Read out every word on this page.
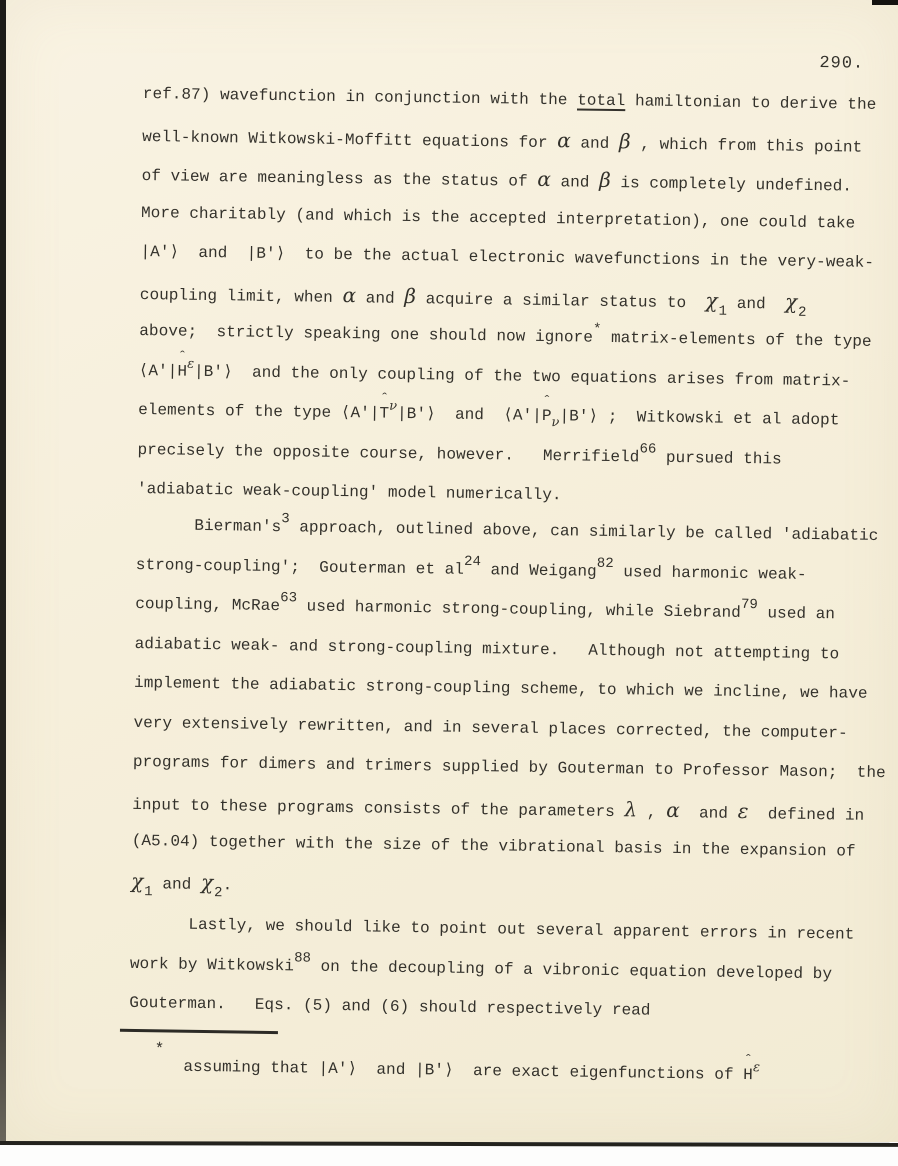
290.
ref.87) wavefunction in conjunction with the total hamiltonian to derive the
well-known Witkowski-Moffitt equations for α and β , which from this point
of view are meaningless as the status of α and β is completely undefined.
More charitably (and which is the accepted interpretation), one could take
|A'⟩  and  |B'⟩  to be the actual electronic wavefunctions in the very-weak-
coupling limit, when α and β acquire a similar status to  χ1 and  χ2
above;  strictly speaking one should now ignore* matrix-elements of the type
⟨A'|H ˆε|B'⟩  and the only coupling of the two equations arises from matrix-
elements of the type ⟨A'|T ˆν|B'⟩  and  ⟨A'|P ˆν|B'⟩ ;  Witkowski et al adopt
precisely the opposite course, however.   Merrifield66 pursued this
'adiabatic weak-coupling' model numerically.
Bierman's3 approach, outlined above, can similarly be called 'adiabatic
strong-coupling';  Gouterman et al24 and Weigang82 used harmonic weak-
coupling, McRae63 used harmonic strong-coupling, while Siebrand79 used an
adiabatic weak- and strong-coupling mixture.   Although not attempting to
implement the adiabatic strong-coupling scheme, to which we incline, we have
very extensively rewritten, and in several places corrected, the computer-
programs for dimers and trimers supplied by Gouterman to Professor Mason;  the
input to these programs consists of the parameters λ , α  and ε  defined in
(A5.04) together with the size of the vibrational basis in the expansion of
χ1 and χ2.
Lastly, we should like to point out several apparent errors in recent
work by Witkowski88 on the decoupling of a vibronic equation developed by
Gouterman.   Eqs. (5) and (6) should respectively read
*
assuming that |A'⟩  and |B'⟩  are exact eigenfunctions of H ˆε
